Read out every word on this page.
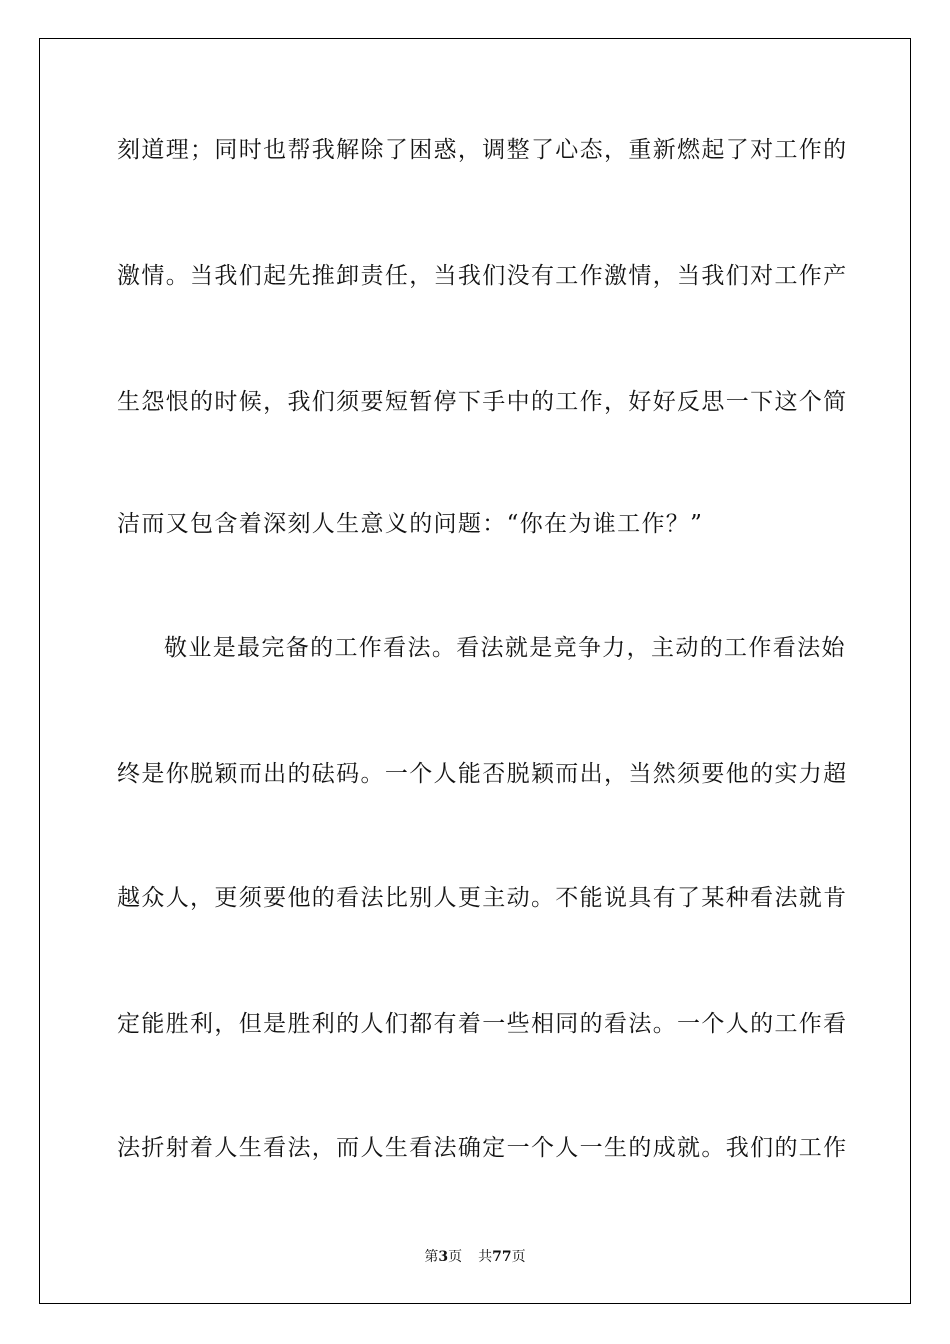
刻道理；同时也帮我解除了困惑，调整了心态，重新燃起了对工作的
激情。当我们起先推卸责任，当我们没有工作激情，当我们对工作产
生怨恨的时候，我们须要短暂停下手中的工作，好好反思一下这个简
洁而又包含着深刻人生意义的问题：“你在为谁工作？”
敬业是最完备的工作看法。看法就是竞争力，主动的工作看法始
终是你脱颖而出的砝码。一个人能否脱颖而出，当然须要他的实力超
越众人，更须要他的看法比别人更主动。不能说具有了某种看法就肯
定能胜利，但是胜利的人们都有着一些相同的看法。一个人的工作看
法折射着人生看法，而人生看法确定一个人一生的成就。我们的工作
第3页 共77页
